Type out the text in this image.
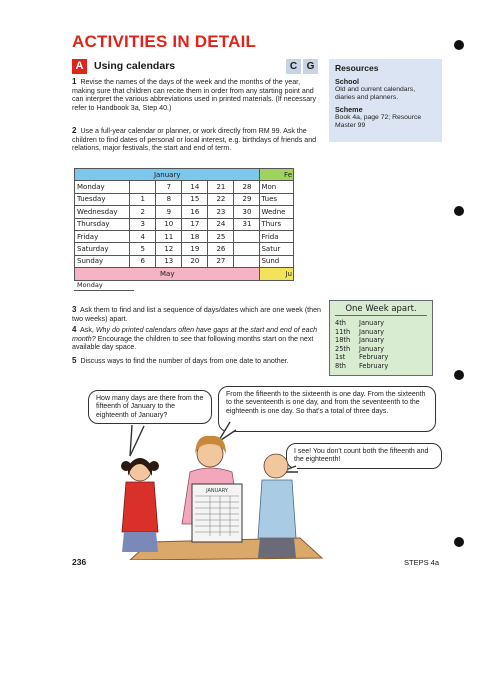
ACTIVITIES IN DETAIL
A	Using calendars	C G
1 Revise the names of the days of the week and the months of the year, making sure that children can recite them in order from any starting point and can interpret the various abbreviations used in printed materials. (If necessary refer to Handbook 3a, Step 40.)
2 Use a full-year calendar or planner, or work directly from RM 99. Ask the children to find dates of personal or local interest, e.g. birthdays of friends and relations, major festivals, the start and end of term.
Resources
School
Old and current calendars, diaries and planners.
Scheme
Book 4a, page 72; Resource Master 99
January						Fe
Monday		7	14	21	28	Mon
Tuesday	1	8	15	22	29	Tues
Wednesday	2	9	16	23	30	Wedne
Thursday	3	10	17	24	31	Thurs
Friday	4	11	18	25		Frida
Saturday	5	12	19	26		Satur
Sunday	6	13	20	27		Sund
May						Ju
Monday
3 Ask them to find and list a sequence of days/dates which are one week (then two weeks) apart.
4 Ask, Why do printed calendars often have gaps at the start and end of each month? Encourage the children to see that following months start on the next available day space.
5 Discuss ways to find the number of days from one date to another.
One Week apart.
4th	January
11th	January
18th	January
25th	January
1st	February
8th	February
How many days are there from the fifteenth of January to the eighteenth of January?
From the fifteenth to the sixteenth is one day. From the sixteenth to the seventeenth is one day, and from the seventeenth to the eighteenth is one day. So that's a total of three days.
I see! You don't count both the fifteenth and the eighteenth!
JANUARY
236	STEPS 4a
